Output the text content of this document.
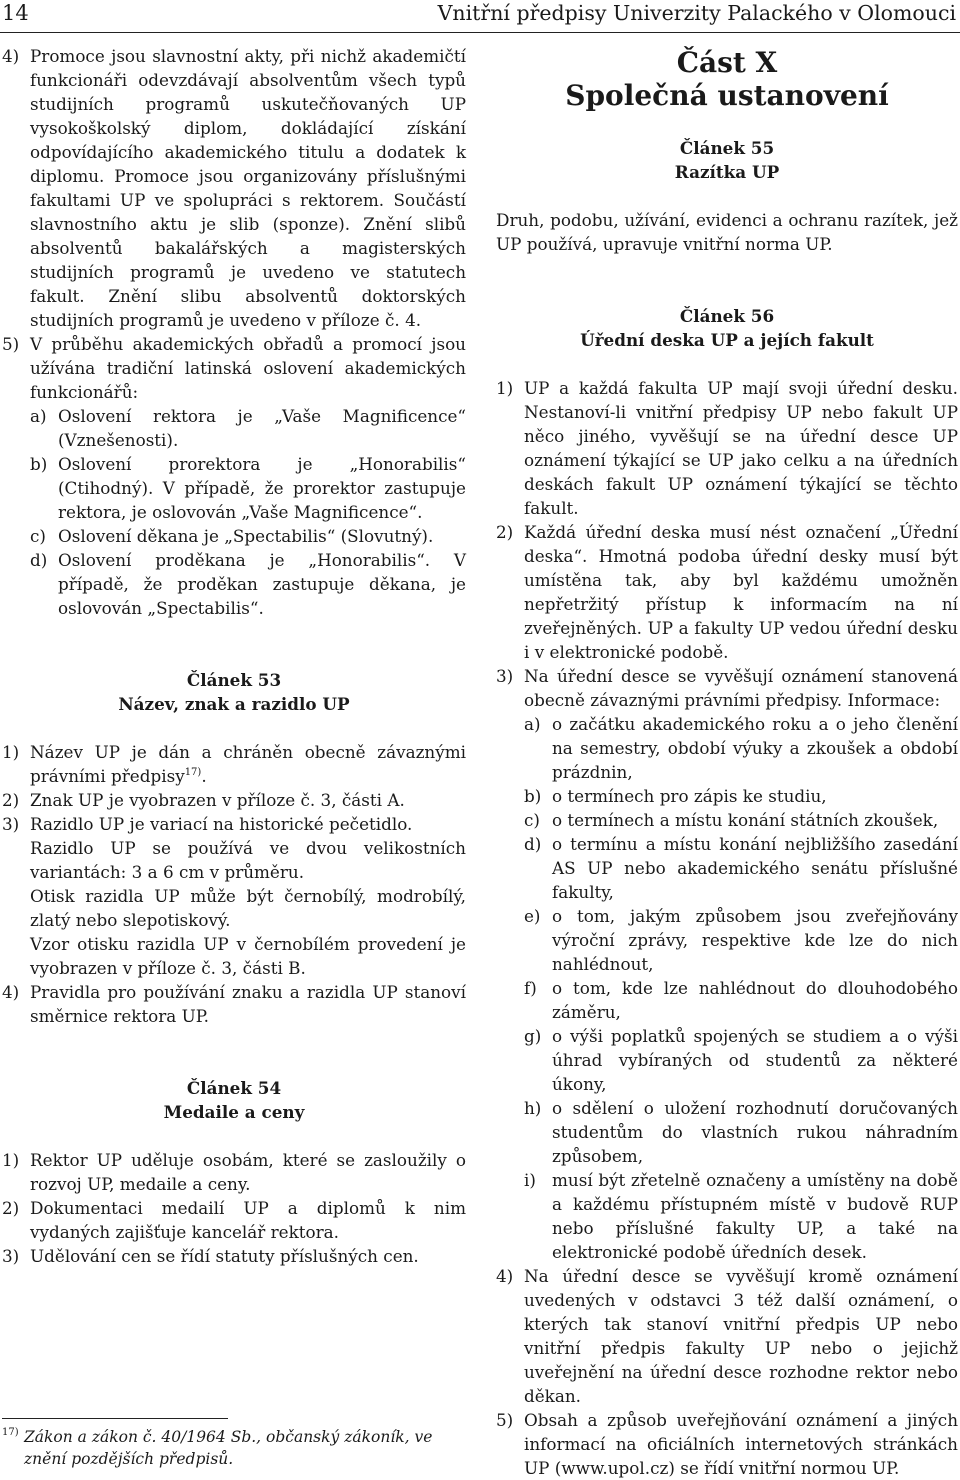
14	Vnitřní předpisy Univerzity Palackého v Olomouci
4) Promoce jsou slavnostní akty, při nichž akademičtí funkcionáři odevzdávají absolventům všech typů studijních programů uskutečňovaných UP vysokoškolský diplom, dokládající získání odpovídajícího akademického titulu a dodatek k diplomu. Promoce jsou organizovány příslušnými fakultami UP ve spolupráci s rektorem. Součástí slavnostního aktu je slib (sponze). Znění slibů absolventů bakalářských a magisterských studijních programů je uvedeno ve statutech fakult. Znění slibu absolventů doktorských studijních programů je uvedeno v příloze č. 4.
5) V průběhu akademických obřadů a promocí jsou užívána tradiční latinská oslovení akademických funkcionářů:

a) Oslovení rektora je „Vaše Magnificence“ (Vznešenosti).
b) Oslovení prorektora je „Honorabilis“ (Ctihodný). V případě, že prorektor zastupuje rektora, je oslovován „Vaše Magnificence“.
c) Oslovení děkana je „Spectabilis“ (Slovutný).
d) Oslovení proděkana je „Honorabilis“. V případě, že proděkan zastupuje děkana, je oslovován „Spectabilis“.

Článek 53

Název, znak a razidlo UP

1) Název UP je dán a chráněn obecně závaznými právními předpisy$^{17)}$.
2) Znak UP je vyobrazen v příloze č. 3, části A.
3) Razidlo UP je variací na historické pečetidlo.

Razidlo UP se používá ve dvou velikostních variantách: 3 a 6 cm v průměru.

Otisk razidla UP může být černobílý, modrobílý, zlatý nebo slepotiskový.

Vzor otisku razidla UP v černobílém provedení je vyobrazen v příloze č. 3, části B.

4) Pravidla pro používání znaku a razidla UP stanoví směrnice rektora UP.

Článek 54

Medaile a ceny

1) Rektor UP uděluje osobám, které se zasloužily o rozvoj UP, medaile a ceny.
2) Dokumentaci medailí UP a diplomů k nim vydaných zajišťuje kancelář rektora.
3) Udělování cen se řídí statuty příslušných cen.
17) Zákon a zákon č. 40/1964 Sb., občanský zákoník, ve znění pozdějších předpisů.

Část X

Společná ustanovení

Článek 55

Razítka UP

Druh, podobu, užívání, evidenci a ochranu razítek, jež UP používá, upravuje vnitřní norma UP.

Článek 56

Úřední deska UP a jejích fakult

1) UP a každá fakulta UP mají svoji úřední desku. Nestanoví-li vnitřní předpisy UP nebo fakult UP něco jiného, vyvěšují se na úřední desce UP oznámení týkající se UP jako celku a na úředních deskách fakult UP oznámení týkající se těchto fakult.
2) Každá úřední deska musí nést označení „Úřední deska“. Hmotná podoba úřední desky musí být umístěna tak, aby byl každému umožněn nepřetržitý přístup k informacím na ní zveřejněných. UP a fakulty UP vedou úřední desku i v elektronické podobě.
3) Na úřední desce se vyvěšují oznámení stanovená obecně závaznými právními předpisy. Informace:

a) o začátku akademického roku a o jeho členění na semestry, období výuky a zkoušek a období prázdnin,
b) o termínech pro zápis ke studiu,
c) o termínech a místu konání státních zkoušek,
d) o termínu a místu konání nejbližšího zasedání AS UP nebo akademického senátu příslušné fakulty,
e) o tom, jakým způsobem jsou zveřejňovány výroční zprávy, respektive kde lze do nich nahlédnout,
f) o tom, kde lze nahlédnout do dlouhodobého záměru,
g) o výši poplatků spojených se studiem a o výši úhrad vybíraných od studentů za některé úkony,
h) o sdělení o uložení rozhodnutí doručovaných studentům do vlastních rukou náhradním způsobem,
i) musí být zřetelně označeny a umístěny na době a každému přístupném místě v budově RUP nebo příslušné fakulty UP, a také na elektronické podobě úředních desek.
4) Na úřední desce se vyvěšují kromě oznámení uvedených v odstavci 3 též další oznámení, o kterých tak stanoví vnitřní předpis UP nebo vnitřní předpis fakulty UP nebo o jejichž uveřejnění na úřední desce rozhodne rektor nebo děkan.
5) Obsah a způsob uveřejňování oznámení a jiných informací na oficiálních internetových stránkách UP (www.upol.cz) se řídí vnitřní normou UP.
